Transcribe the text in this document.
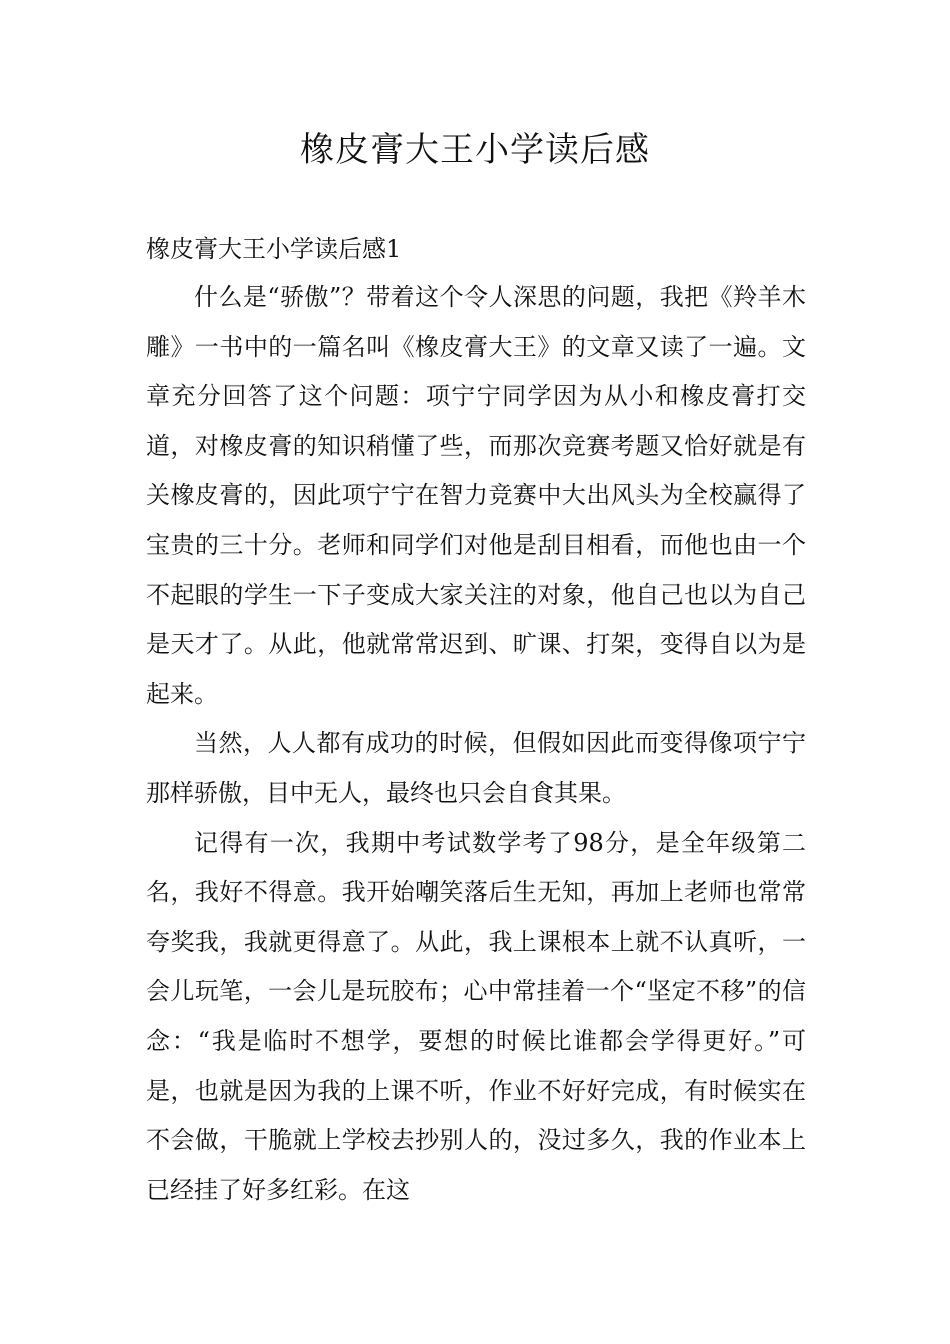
橡皮膏大王小学读后感

橡皮膏大王小学读后感1

什么是“骄傲”？带着这个令人深思的问题，我把《羚羊木雕》一书中的一篇名叫《橡皮膏大王》的文章又读了一遍。文章充分回答了这个问题：项宁宁同学因为从小和橡皮膏打交道，对橡皮膏的知识稍懂了些，而那次竞赛考题又恰好就是有关橡皮膏的，因此项宁宁在智力竞赛中大出风头为全校赢得了宝贵的三十分。老师和同学们对他是刮目相看，而他也由一个不起眼的学生一下子变成大家关注的对象，他自己也以为自己是天才了。从此，他就常常迟到、旷课、打架，变得自以为是起来。

当然，人人都有成功的时候，但假如因此而变得像项宁宁那样骄傲，目中无人，最终也只会自食其果。

记得有一次，我期中考试数学考了98分，是全年级第二名，我好不得意。我开始嘲笑落后生无知，再加上老师也常常夸奖我，我就更得意了。从此，我上课根本上就不认真听，一会儿玩笔，一会儿是玩胶布；心中常挂着一个“坚定不移”的信念：“我是临时不想学，要想的时候比谁都会学得更好。”可是，也就是因为我的上课不听，作业不好好完成，有时候实在不会做，干脆就上学校去抄别人的，没过多久，我的作业本上已经挂了好多红彩。在这
